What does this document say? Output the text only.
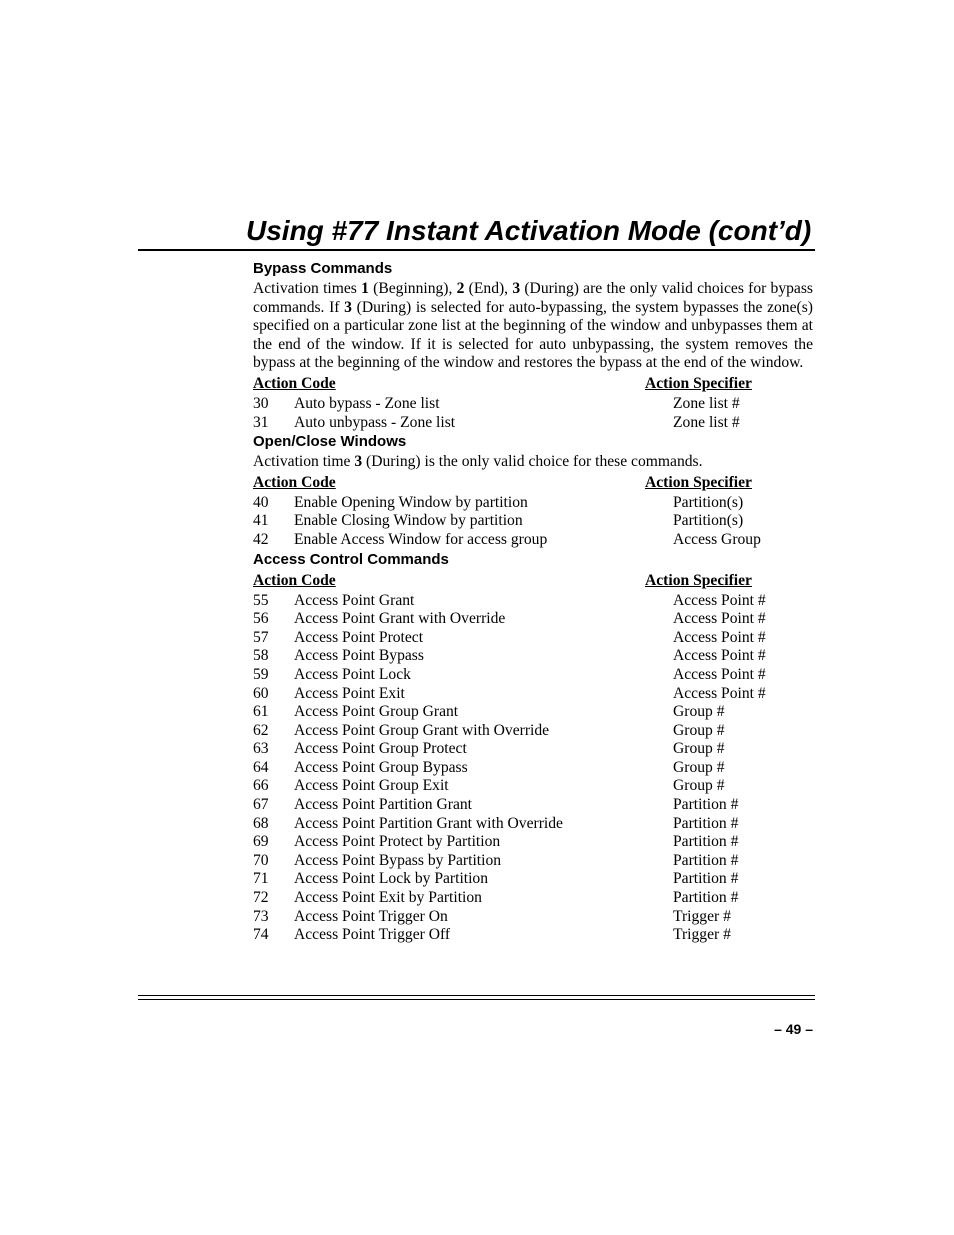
Using #77 Instant Activation Mode (cont’d)
Bypass Commands

Activation times 1 (Beginning), 2 (End), 3 (During) are the only valid choices for bypass commands. If 3 (During) is selected for auto-bypassing, the system bypasses the zone(s) specified on a particular zone list at the beginning of the window and unbypasses them at the end of the window. If it is selected for auto unbypassing, the system removes the bypass at the beginning of the window and restores the bypass at the end of the window.

Action Code	Action Specifier
30 Auto bypass - Zone list	Zone list #
31 Auto unbypass - Zone list	Zone list #
Open/Close Windows

Activation time 3 (During) is the only valid choice for these commands.

Action Code	Action Specifier
40 Enable Opening Window by partition	Partition(s)
41 Enable Closing Window by partition	Partition(s)
42 Enable Access Window for access group	Access Group
Access Control Commands
Action Code	Action Specifier
55 Access Point Grant	Access Point #
56 Access Point Grant with Override	Access Point #
57 Access Point Protect	Access Point #
58 Access Point Bypass	Access Point #
59 Access Point Lock	Access Point #
60 Access Point Exit	Access Point #
61 Access Point Group Grant	Group #
62 Access Point Group Grant with Override	Group #
63 Access Point Group Protect	Group #
64 Access Point Group Bypass	Group #
66 Access Point Group Exit	Group #
67 Access Point Partition Grant	Partition #
68 Access Point Partition Grant with Override	Partition #
69 Access Point Protect by Partition	Partition #
70 Access Point Bypass by Partition	Partition #
71 Access Point Lock by Partition	Partition #
72 Access Point Exit by Partition	Partition #
73 Access Point Trigger On	Trigger #
74 Access Point Trigger Off	Trigger #
– 49 –
